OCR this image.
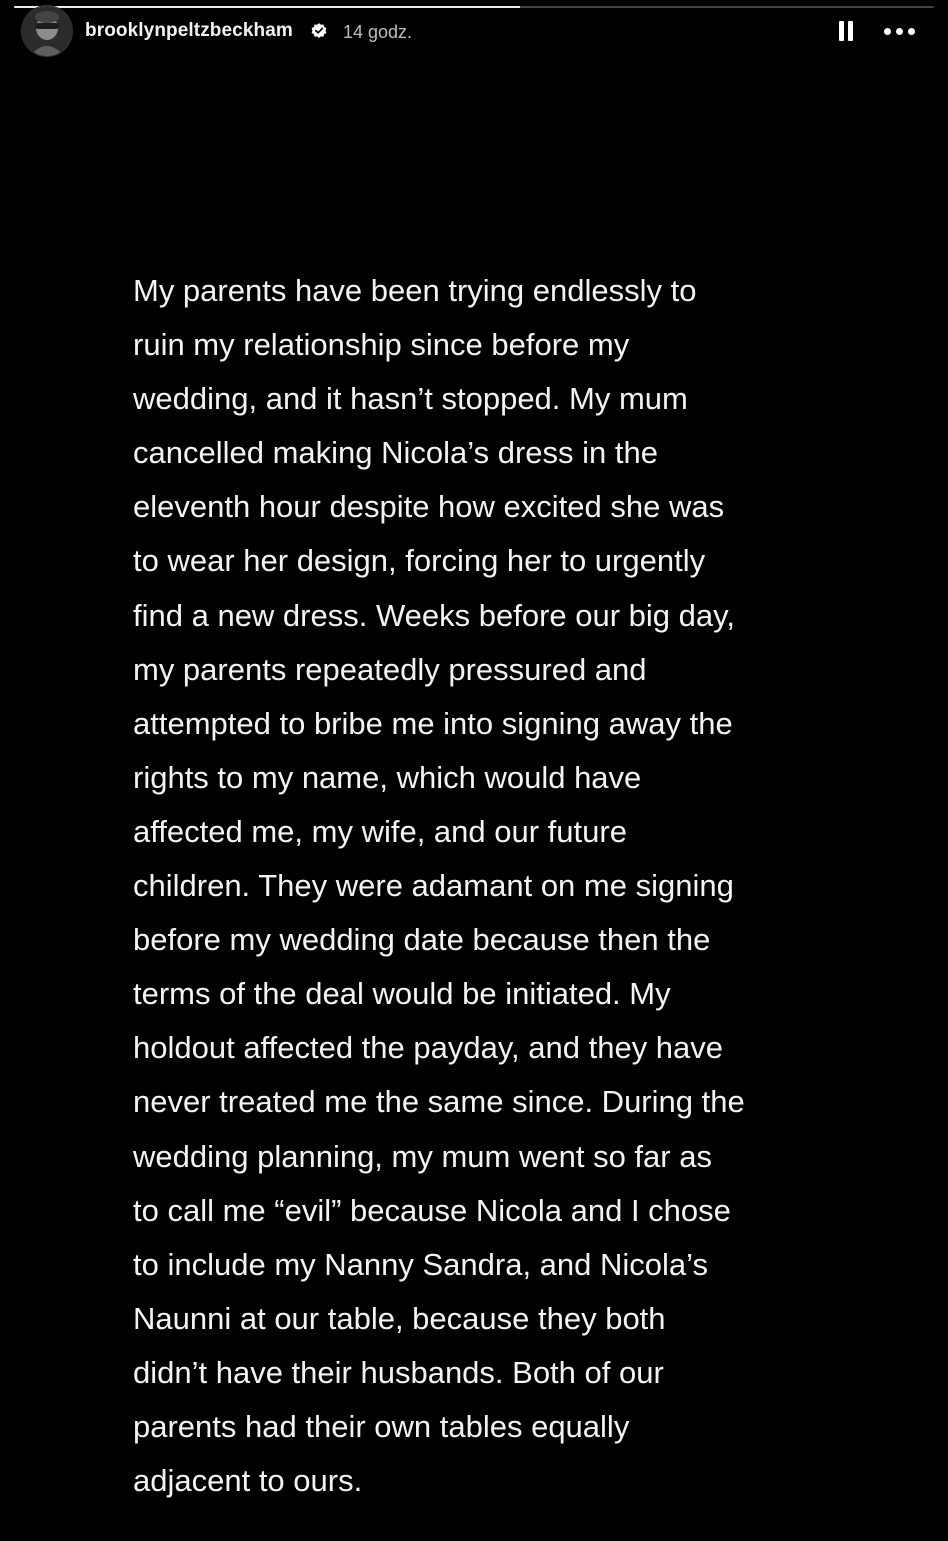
brooklynpeltzbeckham	14 godz.
My parents have been trying endlessly to
ruin my relationship since before my
wedding, and it hasn’t stopped. My mum
cancelled making Nicola’s dress in the
eleventh hour despite how excited she was
to wear her design, forcing her to urgently
find a new dress. Weeks before our big day,
my parents repeatedly pressured and
attempted to bribe me into signing away the
rights to my name, which would have
affected me, my wife, and our future
children. They were adamant on me signing
before my wedding date because then the
terms of the deal would be initiated. My
holdout affected the payday, and they have
never treated me the same since. During the
wedding planning, my mum went so far as
to call me “evil” because Nicola and I chose
to include my Nanny Sandra, and Nicola’s
Naunni at our table, because they both
didn’t have their husbands. Both of our
parents had their own tables equally
adjacent to ours.
